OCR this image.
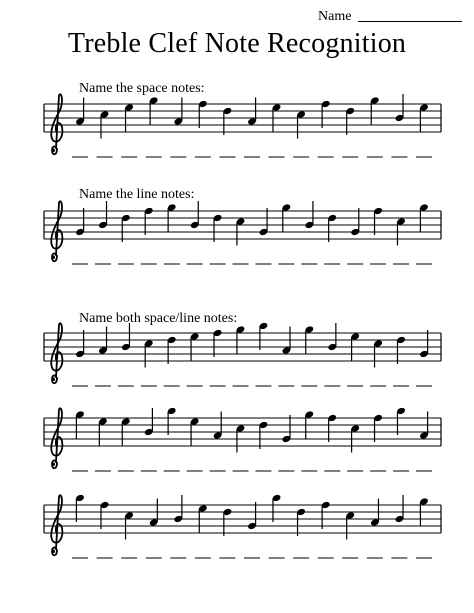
Name
Treble Clef Note Recognition
Name the space notes:
Name the line notes:
Name both space/line notes:
